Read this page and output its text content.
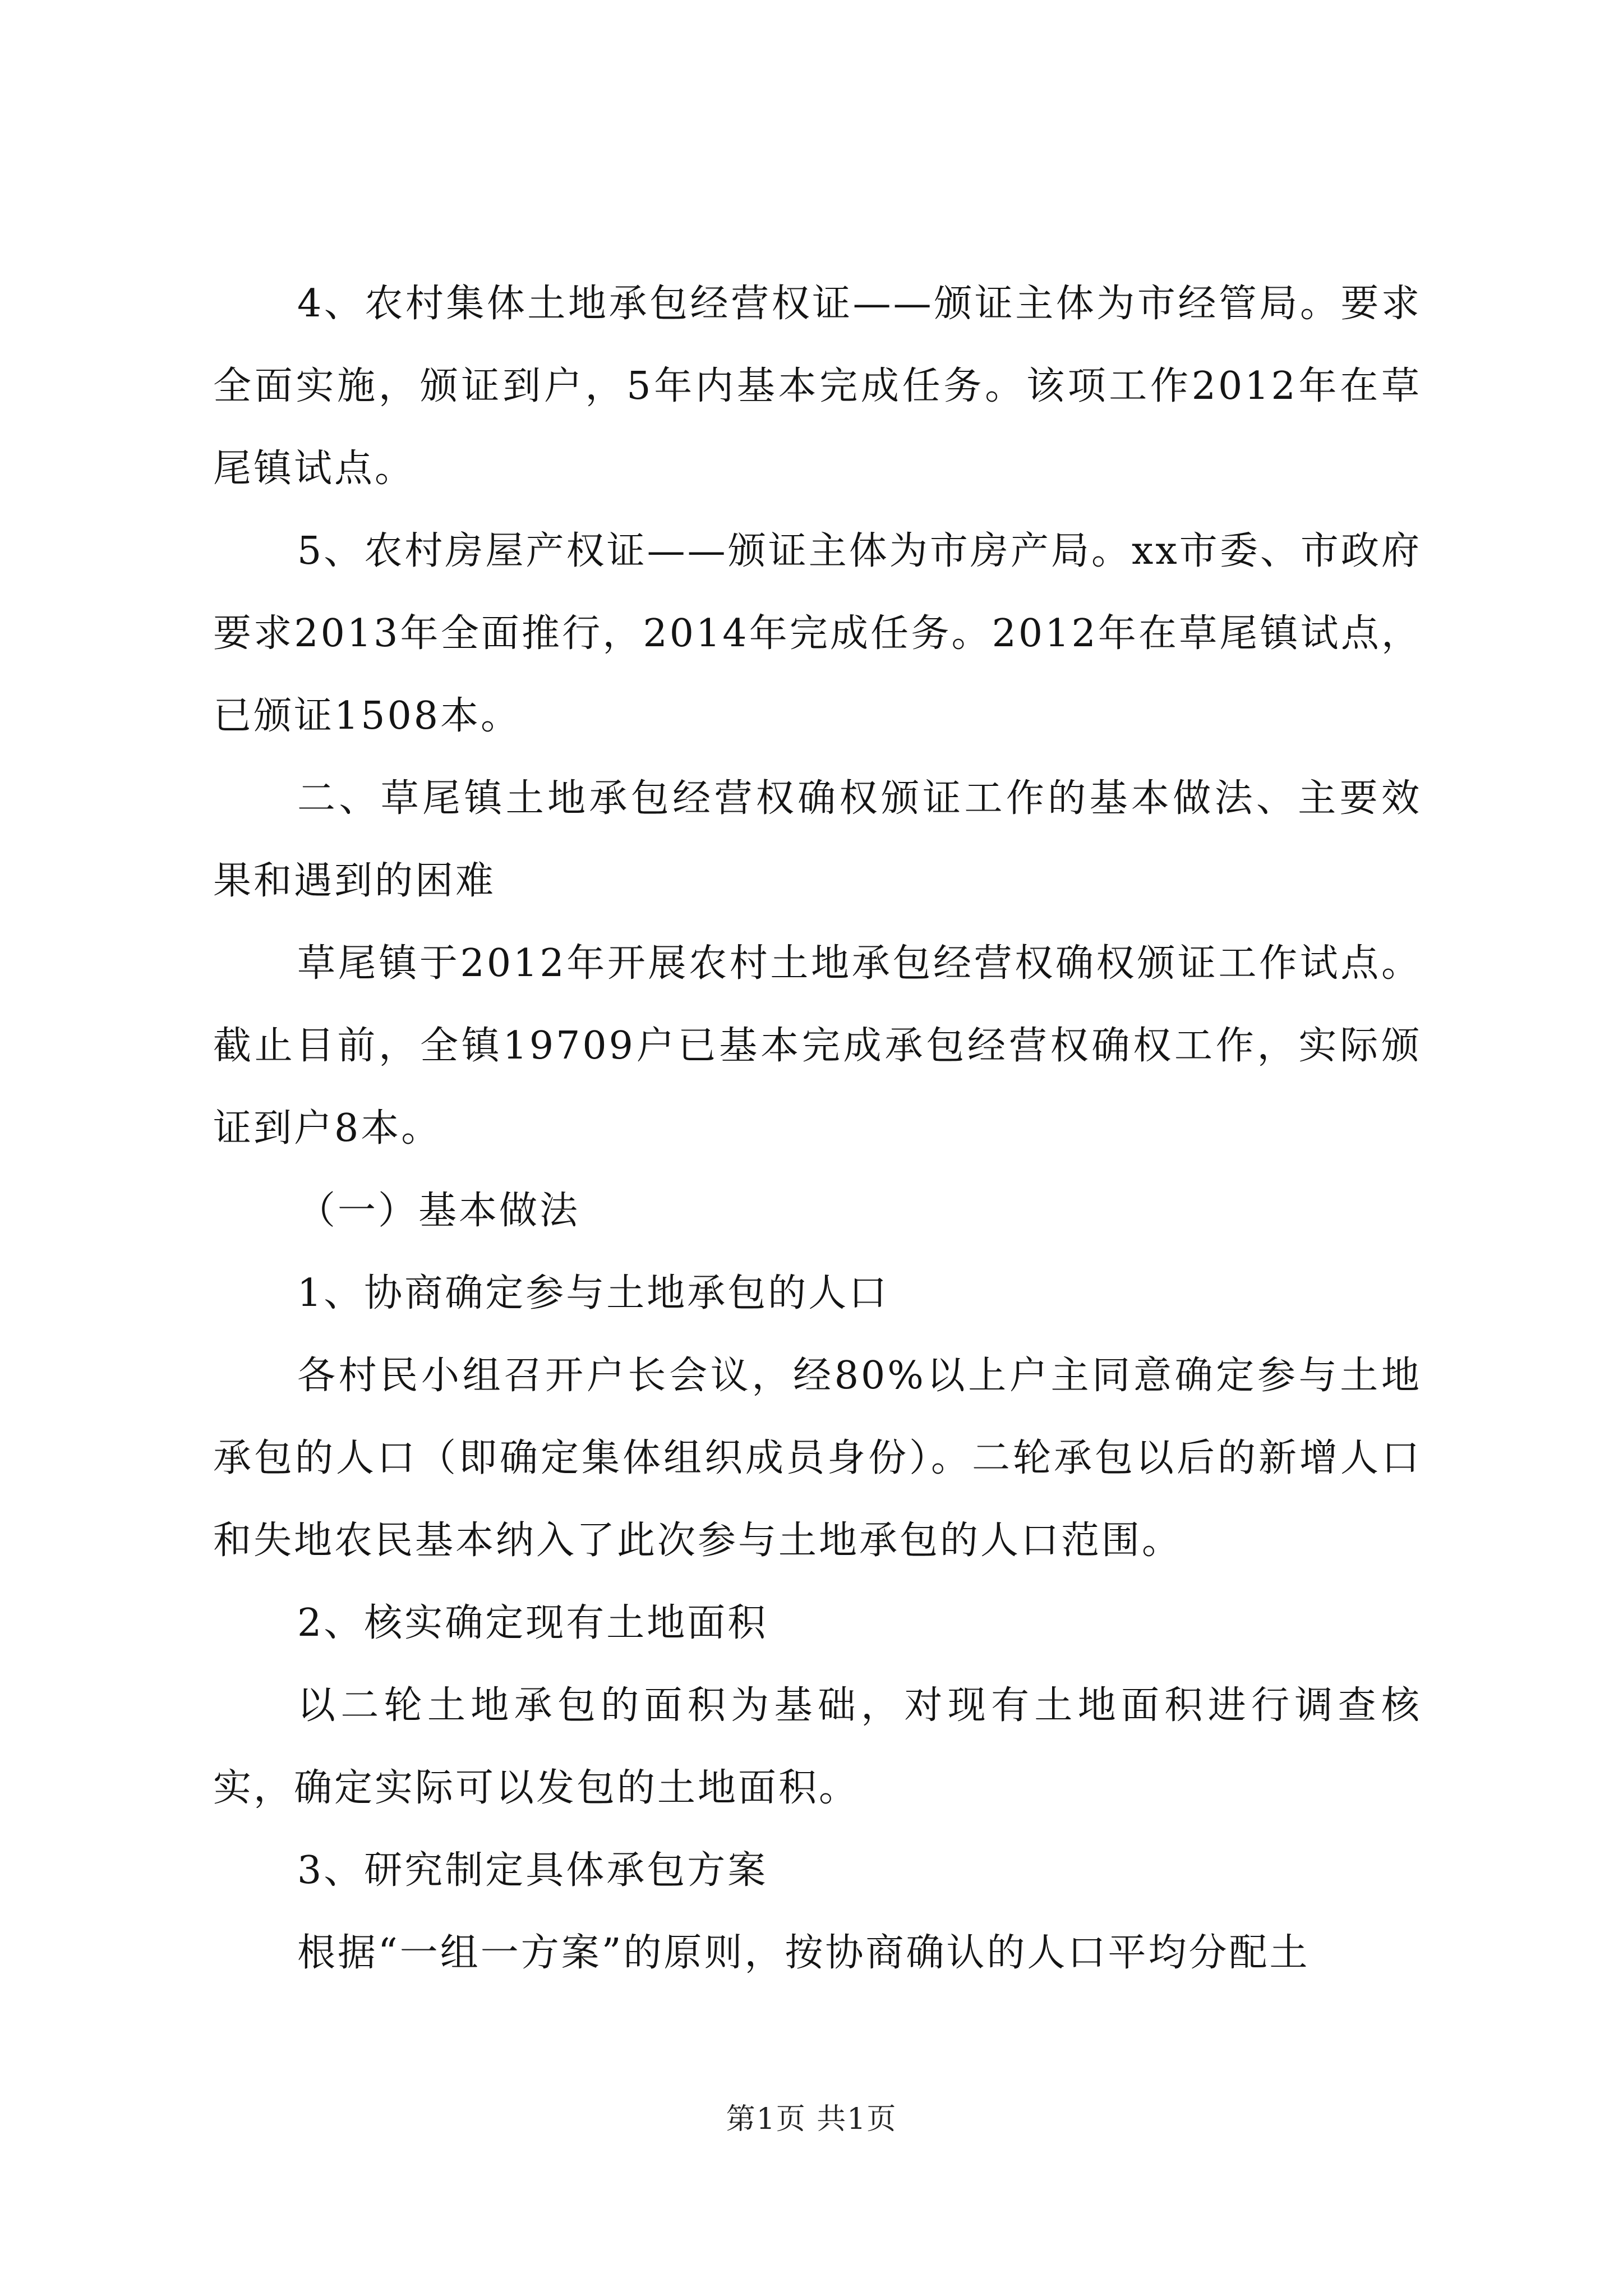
4、农村集体土地承包经营权证——颁证主体为市经管局。要求全面实施，颁证到户，5年内基本完成任务。该项工作2012年在草尾镇试点。

5、农村房屋产权证——颁证主体为市房产局。xx市委、市政府要求2013年全面推行，2014年完成任务。2012年在草尾镇试点，已颁证1508本。

二、草尾镇土地承包经营权确权颁证工作的基本做法、主要效果和遇到的困难

草尾镇于2012年开展农村土地承包经营权确权颁证工作试点。截止目前，全镇19709户已基本完成承包经营权确权工作，实际颁证到户8本。

（一）基本做法

1、协商确定参与土地承包的人口

各村民小组召开户长会议，经80%以上户主同意确定参与土地承包的人口（即确定集体组织成员身份）。二轮承包以后的新增人口和失地农民基本纳入了此次参与土地承包的人口范围。

2、核实确定现有土地面积

以二轮土地承包的面积为基础，对现有土地面积进行调查核实，确定实际可以发包的土地面积。

3、研究制定具体承包方案

根据“一组一方案”的原则，按协商确认的人口平均分配土

第1页 共1页
